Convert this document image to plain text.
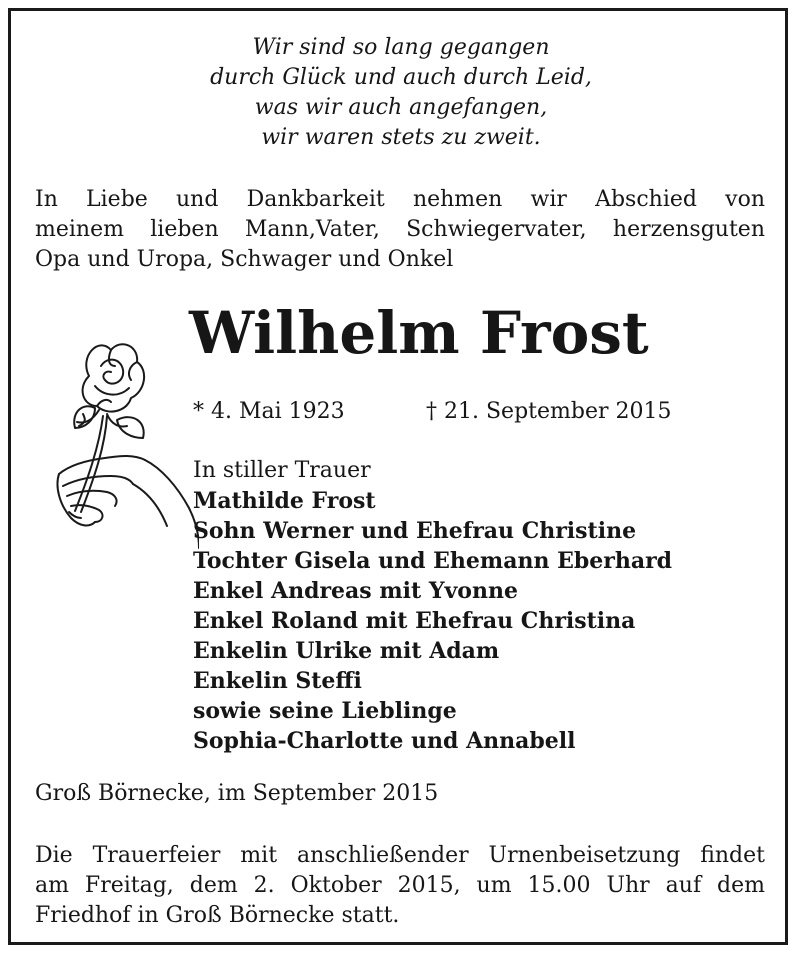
Wir sind so lang gegangen
durch Glück und auch durch Leid,
was wir auch angefangen,
wir waren stets zu zweit.
In Liebe und Dankbarkeit nehmen wir Abschied von
meinem lieben Mann,Vater, Schwiegervater, herzensguten
Opa und Uropa, Schwager und Onkel
Wilhelm Frost
* 4. Mai 1923	† 21. September 2015
In stiller Trauer
Mathilde Frost
Sohn Werner und Ehefrau Christine
Tochter Gisela und Ehemann Eberhard
Enkel Andreas mit Yvonne
Enkel Roland mit Ehefrau Christina
Enkelin Ulrike mit Adam
Enkelin Steffi
sowie seine Lieblinge
Sophia-Charlotte und Annabell
Groß Börnecke, im September 2015
Die Trauerfeier mit anschließender Urnenbeisetzung findet
am Freitag, dem 2. Oktober 2015, um 15.00 Uhr auf dem
Friedhof in Groß Börnecke statt.
